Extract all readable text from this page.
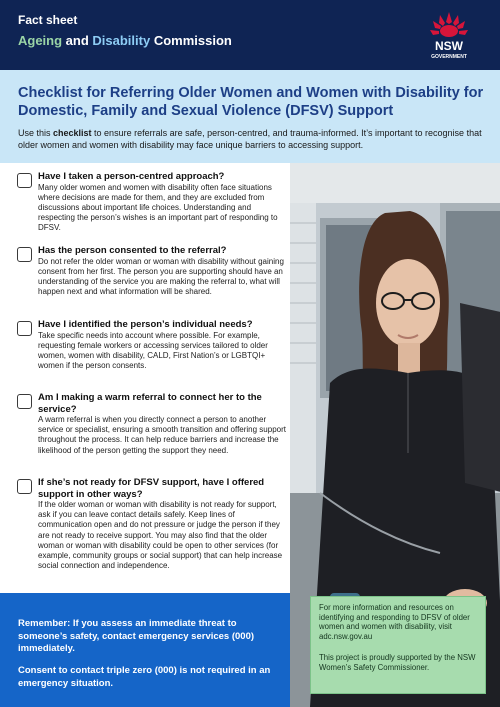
Fact sheet
Ageing and Disability Commission	NSW
GOVERNMENT
Checklist for Referring Older Women and Women with Disability for Domestic, Family and Sexual Violence (DFSV) Support
Use this checklist to ensure referrals are safe, person-centred, and trauma-informed. It’s important to recognise that older women and women with disability may face unique barriers to accessing support.
Have I taken a person-centred approach?
Many older women and women with disability often face situations where decisions are made for them, and they are excluded from discussions about important life choices. Understanding and respecting the person’s wishes is an important part of responding to DFSV.
Has the person consented to the referral?
Do not refer the older woman or woman with disability without gaining consent from her first. The person you are supporting should have an understanding of the service you are making the referral to, what will happen next and what information will be shared.
Have I identified the person’s individual needs?
Take specific needs into account where possible. For example, requesting female workers or accessing services tailored to older women, women with disability, CALD, First Nation’s or LGBTQI+ women if the person consents.
Am I making a warm referral to connect her to the service?
A warm referral is when you directly connect a person to another service or specialist, ensuring a smooth transition and offering support throughout the process. It can help reduce barriers and increase the likelihood of the person getting the support they need.
If she’s not ready for DFSV support, have I offered support in other ways?
If the older woman or woman with disability is not ready for support, ask if you can leave contact details safely. Keep lines of communication open and do not pressure or judge the person if they are not ready to receive support. You may also find that the older woman or woman with disability could be open to other services (for example, community groups or social support) that can help increase social connection and independence.
Remember: If you assess an immediate threat to someone’s safety, contact emergency services (000) immediately.
Consent to contact triple zero (000) is not required in an emergency situation.

For more information and resources on identifying and responding to DFSV of older women and women with disability, visit adc.nsw.gov.au

This project is proudly supported by the NSW Women’s Safety Commissioner.
